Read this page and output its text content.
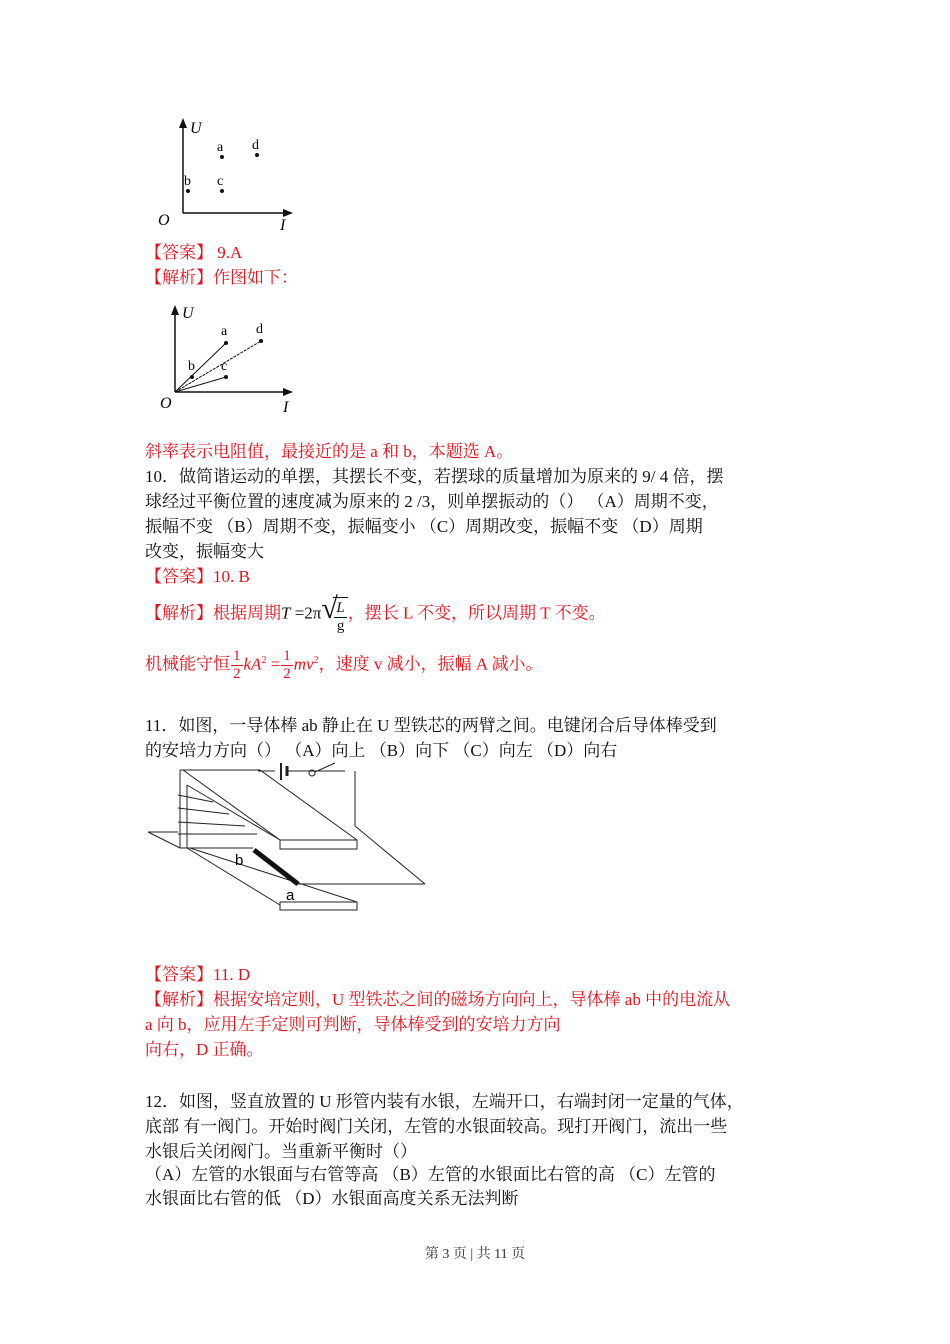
U
I
O
a d
b c
【答案】 9.A
【解析】作图如下：
U
I
O
a d
b c
斜率表示电阻值，最接近的是 a 和 b，本题选 A。
10．做简谐运动的单摆，其摆长不变，若摆球的质量增加为原来的 9/ 4 倍，摆
球经过平衡位置的速度减为原来的 2 /3，则单摆振动的（） （A）周期不变，
振幅不变 （B）周期不变，振幅变小 （C）周期改变，振幅不变 （D）周期
改变，振幅变大
【答案】10. B
【解析】根据周期T =2π √
$\frac{L}{g}$ ，摆长 L 不变，所以周期 T 不变。
机械能守恒 $\frac{1}{2} kA^2 = \frac{1}{2} mv^2$，速度 v 减小，振幅 A 减小。
11．如图，一导体棒 ab 静止在 U 型铁芯的两臂之间。电键闭合后导体棒受到
的安培力方向（） （A）向上 （B）向下 （C）向左 （D）向右
b
a
【答案】11. D
【解析】根据安培定则，U 型铁芯之间的磁场方向向上，导体棒 ab 中的电流从
a 向 b，应用左手定则可判断，导体棒受到的安培力方向
向右，D 正确。
12．如图，竖直放置的 U 形管内装有水银，左端开口，右端封闭一定量的气体，
底部 有一阀门。开始时阀门关闭，左管的水银面较高。现打开阀门，流出一些
水银后关闭阀门。当重新平衡时（）
（A）左管的水银面与右管等高 （B）左管的水银面比右管的高 （C）左管的
水银面比右管的低 （D）水银面高度关系无法判断
第 3 页 | 共 11 页
